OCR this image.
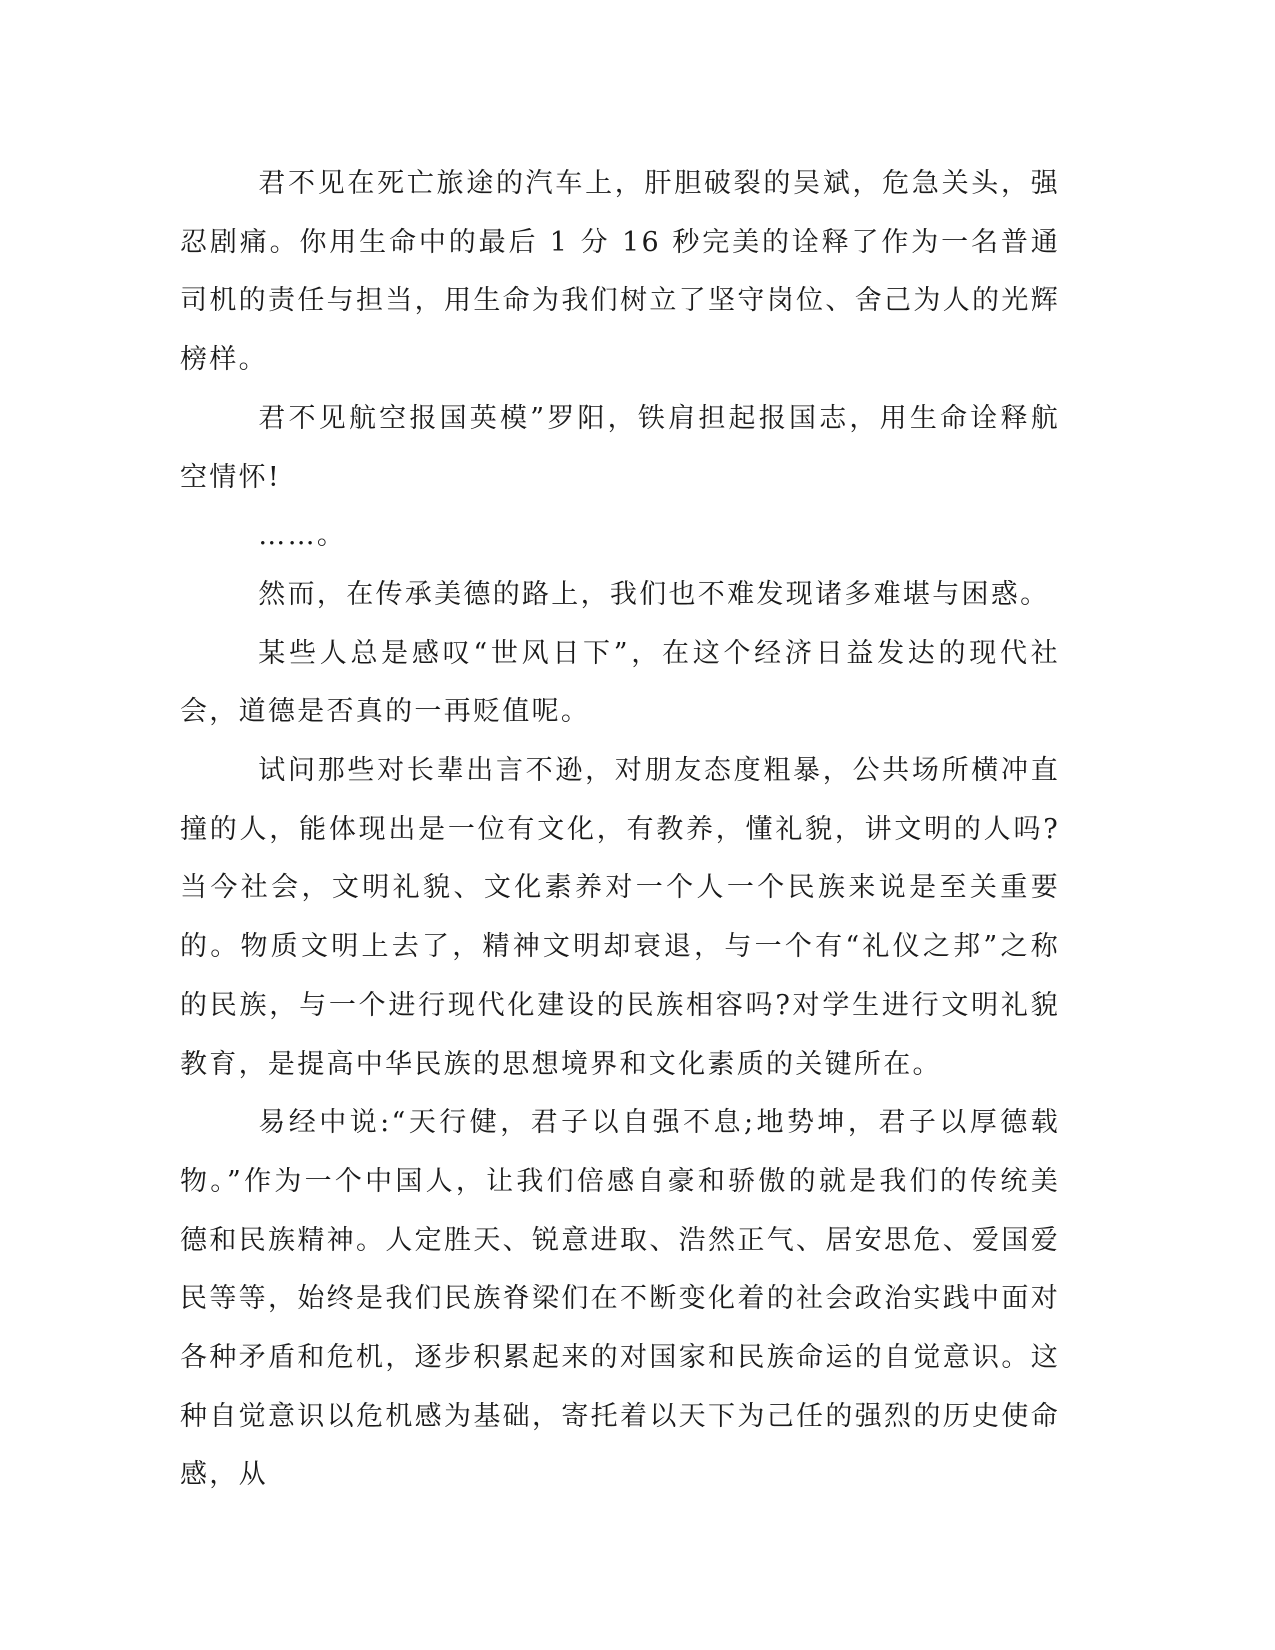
君不见在死亡旅途的汽车上，肝胆破裂的吴斌，危急关头，强忍剧痛。你用生命中的最后 1 分 16 秒完美的诠释了作为一名普通司机的责任与担当，用生命为我们树立了坚守岗位、舍己为人的光辉榜样。

君不见航空报国英模”罗阳，铁肩担起报国志，用生命诠释航空情怀!

……。

然而，在传承美德的路上，我们也不难发现诸多难堪与困惑。

某些人总是感叹“世风日下”，在这个经济日益发达的现代社会，道德是否真的一再贬值呢。

试问那些对长辈出言不逊，对朋友态度粗暴，公共场所横冲直撞的人，能体现出是一位有文化，有教养，懂礼貌，讲文明的人吗?当今社会，文明礼貌、文化素养对一个人一个民族来说是至关重要的。物质文明上去了，精神文明却衰退，与一个有“礼仪之邦”之称的民族，与一个进行现代化建设的民族相容吗?对学生进行文明礼貌教育，是提高中华民族的思想境界和文化素质的关键所在。

易经中说:“天行健，君子以自强不息;地势坤，君子以厚德载物。”作为一个中国人，让我们倍感自豪和骄傲的就是我们的传统美德和民族精神。人定胜天、锐意进取、浩然正气、居安思危、爱国爱民等等，始终是我们民族脊梁们在不断变化着的社会政治实践中面对各种矛盾和危机，逐步积累起来的对国家和民族命运的自觉意识。这种自觉意识以危机感为基础，寄托着以天下为己任的强烈的历史使命感，从
